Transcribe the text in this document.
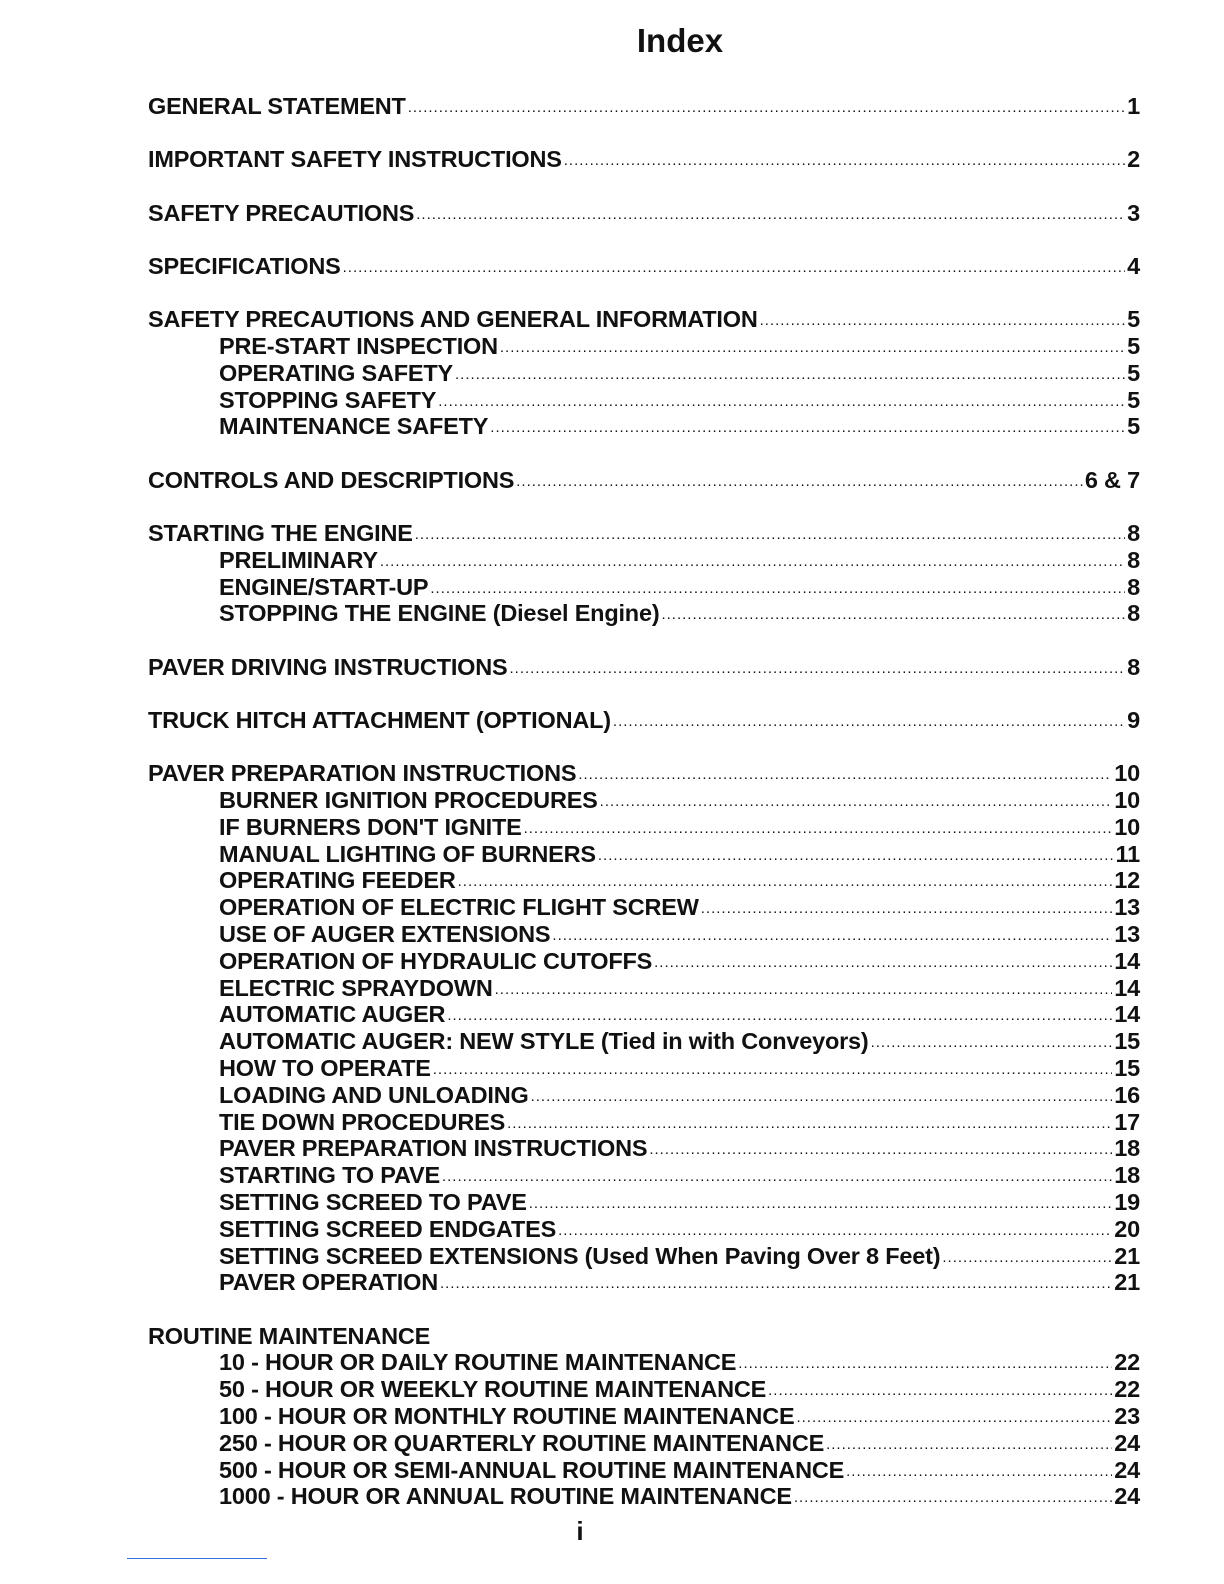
Index
GENERAL STATEMENT .....	1
IMPORTANT SAFETY INSTRUCTIONS .....	2
SAFETY PRECAUTIONS .....	3
SPECIFICATIONS .....	4
SAFETY PRECAUTIONS AND GENERAL INFORMATION .....	5
PRE-START INSPECTION .....	5
OPERATING SAFETY .....	5
STOPPING SAFETY .....	5
MAINTENANCE SAFETY .....	5
CONTROLS AND DESCRIPTIONS .....	6 & 7
STARTING THE ENGINE .....	8
PRELIMINARY .....	8
ENGINE/START-UP .....	8
STOPPING THE ENGINE (Diesel Engine) .....	8
PAVER DRIVING INSTRUCTIONS .....	8
TRUCK HITCH ATTACHMENT (OPTIONAL) .....	9
PAVER PREPARATION INSTRUCTIONS .....	10
BURNER IGNITION PROCEDURES .....	10
IF BURNERS DON'T IGNITE .....	10
MANUAL LIGHTING OF BURNERS .....	11
OPERATING FEEDER .....	12
OPERATION OF ELECTRIC FLIGHT SCREW .....	13
USE OF AUGER EXTENSIONS .....	13
OPERATION OF HYDRAULIC CUTOFFS .....	14
ELECTRIC SPRAYDOWN .....	14
AUTOMATIC AUGER .....	14
AUTOMATIC AUGER: NEW STYLE (Tied in with Conveyors) .....	15
HOW TO OPERATE .....	15
LOADING AND UNLOADING .....	16
TIE DOWN PROCEDURES .....	17
PAVER PREPARATION INSTRUCTIONS .....	18
STARTING TO PAVE .....	18
SETTING SCREED TO PAVE .....	19
SETTING SCREED ENDGATES .....	20
SETTING SCREED EXTENSIONS (Used When Paving Over 8 Feet) .....	21
PAVER OPERATION .....	21
ROUTINE MAINTENANCE
10 - HOUR OR DAILY ROUTINE MAINTENANCE .....	22
50 - HOUR OR WEEKLY ROUTINE MAINTENANCE .....	22
100 - HOUR OR MONTHLY ROUTINE MAINTENANCE .....	23
250 - HOUR OR QUARTERLY ROUTINE MAINTENANCE .....	24
500 - HOUR OR SEMI-ANNUAL ROUTINE MAINTENANCE .....	24
1000 - HOUR OR ANNUAL ROUTINE MAINTENANCE .....	24
i
